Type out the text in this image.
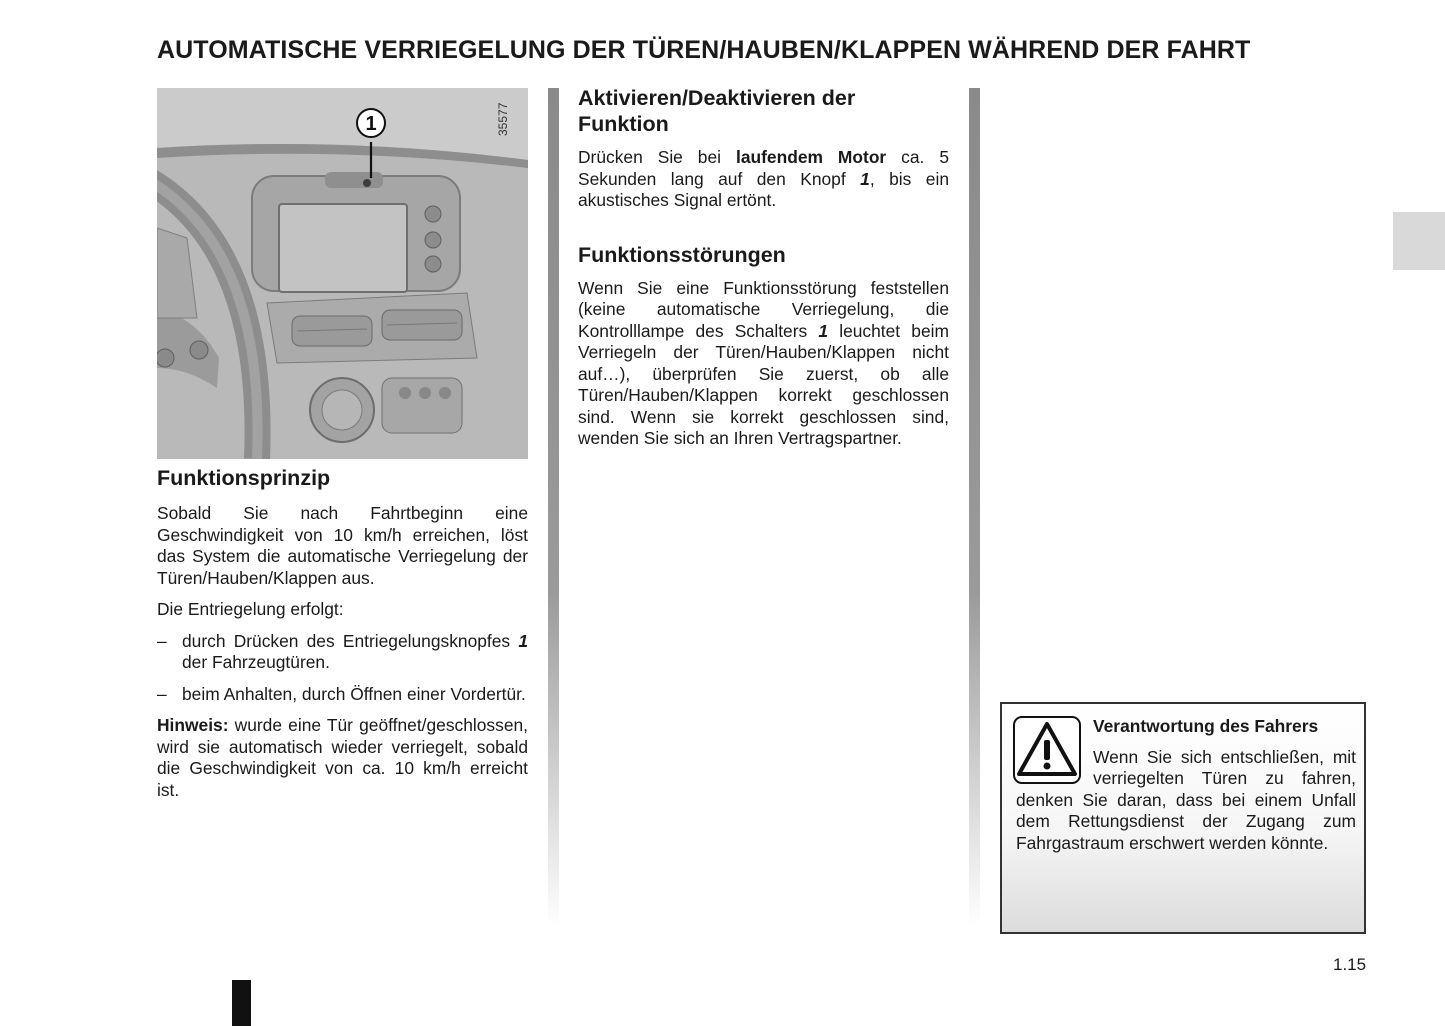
AUTOMATISCHE VERRIEGELUNG DER TÜREN/HAUBEN/KLAPPEN WÄHREND DER FAHRT
1	35577
Funktionsprinzip

Sobald Sie nach Fahrtbeginn eine Geschwindigkeit von 10 km/h erreichen, löst das System die automatische Verriegelung der Türen/Hauben/Klappen aus.

Die Entriegelung erfolgt:

– durch Drücken des Entriegelungsknopfes 1 der Fahrzeugtüren.
– beim Anhalten, durch Öffnen einer Vordertür.

Hinweis: wurde eine Tür geöffnet/geschlossen, wird sie automatisch wieder verriegelt, sobald die Geschwindigkeit von ca. 10 km/h erreicht ist.

Aktivieren/Deaktivieren der Funktion

Drücken Sie bei laufendem Motor ca. 5 Sekunden lang auf den Knopf 1, bis ein akustisches Signal ertönt.

Funktionsstörungen

Wenn Sie eine Funktionsstörung feststellen (keine automatische Verriegelung, die Kontrolllampe des Schalters 1 leuchtet beim Verriegeln der Türen/Hauben/Klappen nicht auf…), überprüfen Sie zuerst, ob alle Türen/Hauben/Klappen korrekt geschlossen sind. Wenn sie korrekt geschlossen sind, wenden Sie sich an Ihren Vertragspartner.

Verantwortung des Fahrers

Wenn Sie sich entschließen, mit verriegelten Türen zu fahren, denken Sie daran, dass bei einem Unfall dem Rettungsdienst der Zugang zum Fahrgastraum erschwert werden könnte.

1.15
